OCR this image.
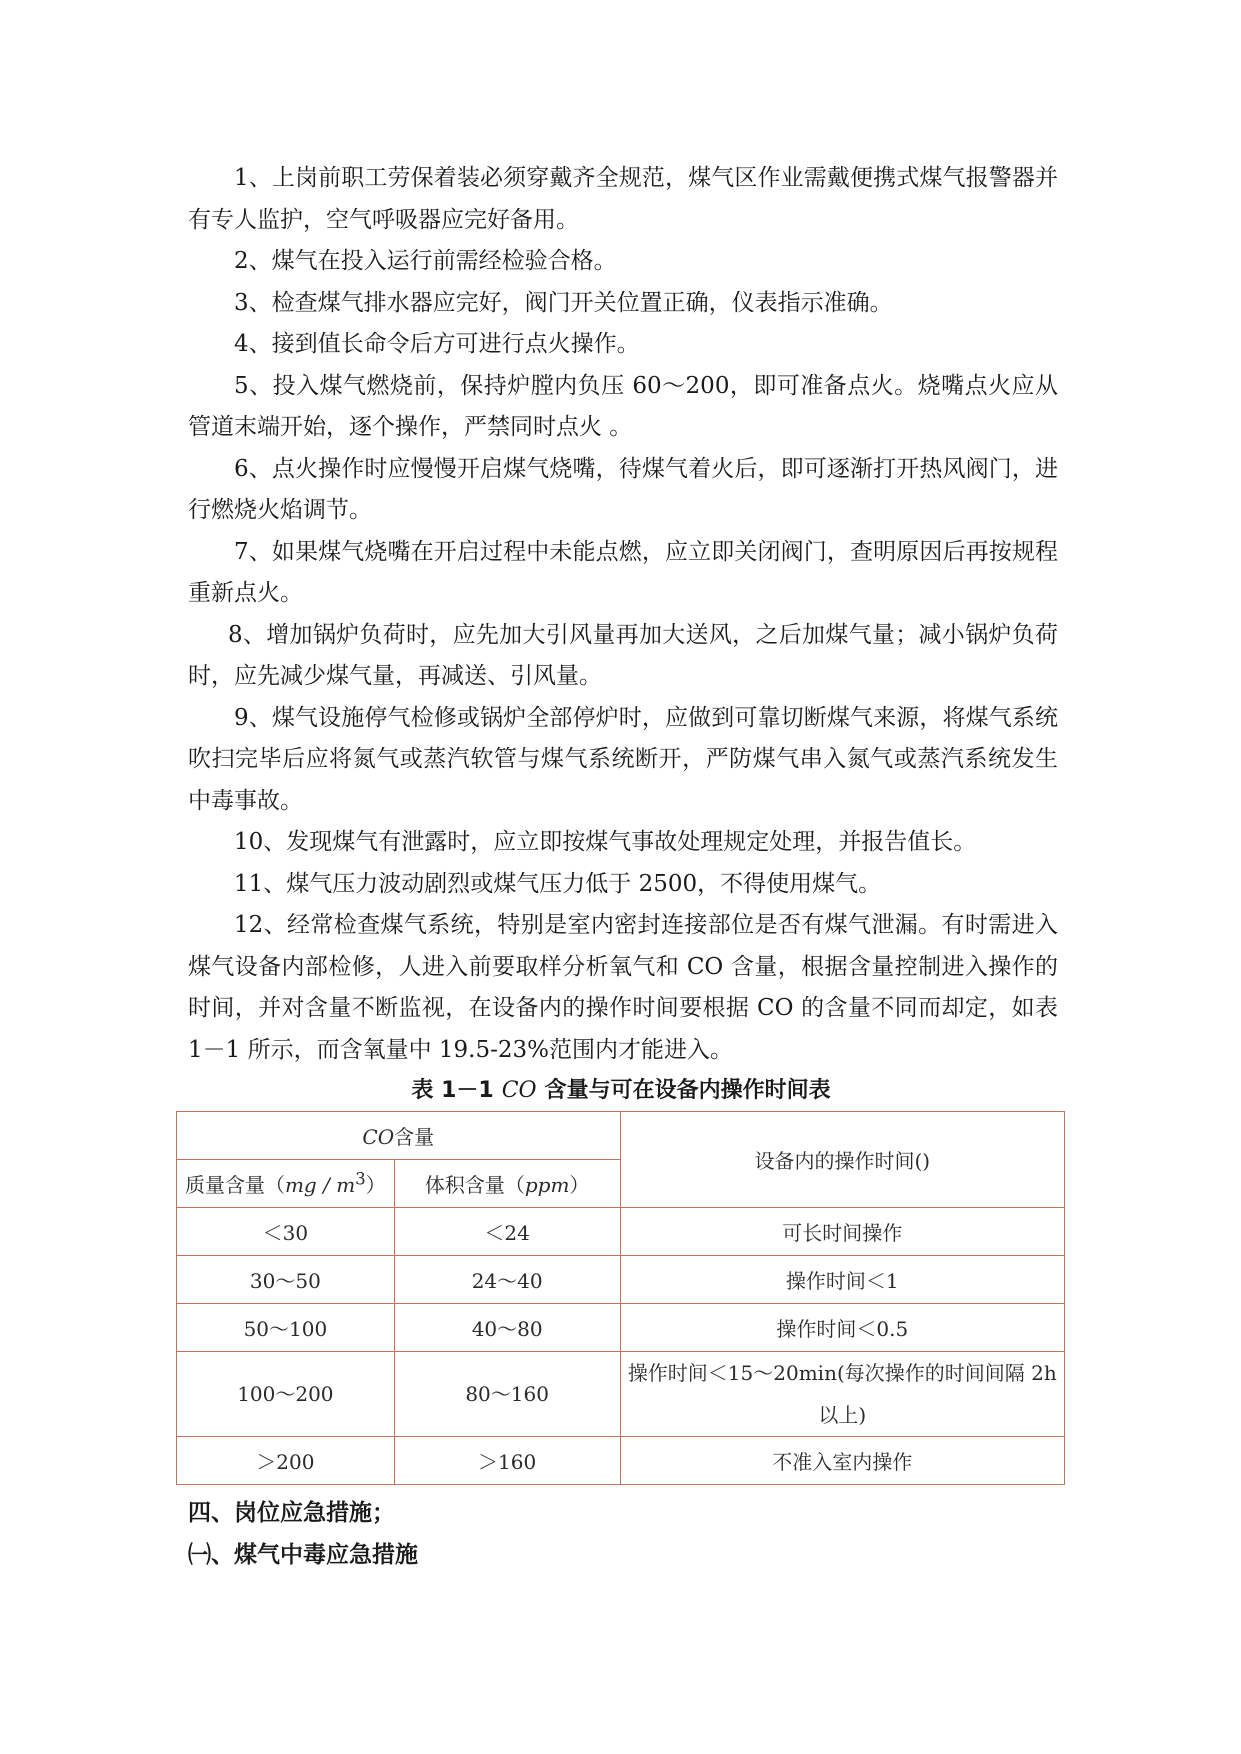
1、上岗前职工劳保着装必须穿戴齐全规范，煤气区作业需戴便携式煤气报警器并有专人监护，空气呼吸器应完好备用。

2、煤气在投入运行前需经检验合格。

3、检查煤气排水器应完好，阀门开关位置正确，仪表指示准确。

4、接到值长命令后方可进行点火操作。

5、投入煤气燃烧前，保持炉膛内负压 60～200，即可准备点火。烧嘴点火应从管道末端开始，逐个操作，严禁同时点火 。

6、点火操作时应慢慢开启煤气烧嘴，待煤气着火后，即可逐渐打开热风阀门，进行燃烧火焰调节。

7、如果煤气烧嘴在开启过程中未能点燃，应立即关闭阀门，查明原因后再按规程重新点火。

8、增加锅炉负荷时，应先加大引风量再加大送风，之后加煤气量；减小锅炉负荷时，应先减少煤气量，再减送、引风量。

9、煤气设施停气检修或锅炉全部停炉时，应做到可靠切断煤气来源，将煤气系统吹扫完毕后应将氮气或蒸汽软管与煤气系统断开，严防煤气串入氮气或蒸汽系统发生中毒事故。

10、发现煤气有泄露时，应立即按煤气事故处理规定处理，并报告值长。

11、煤气压力波动剧烈或煤气压力低于 2500，不得使用煤气。

12、经常检查煤气系统，特别是室内密封连接部位是否有煤气泄漏。有时需进入煤气设备内部检修，人进入前要取样分析氧气和 CO 含量，根据含量控制进入操作的时间，并对含量不断监视，在设备内的操作时间要根据 CO 的含量不同而却定，如表 1－1 所示，而含氧量中 19.5-23%范围内才能进入。

表 1－1 CO 含量与可在设备内操作时间表
CO含量		设备内的操作时间()
质量含量$(mg / m^3)$	体积含量（ppm）	
＜30	＜24	可长时间操作
30～50	24～40	操作时间＜1
50～100	40～80	操作时间＜0.5
100～200	80～160	操作时间＜15～20min(每次操作的时间间隔 2h 以上)
＞200	＞160	不准入室内操作
四、岗位应急措施；
㈠、煤气中毒应急措施
